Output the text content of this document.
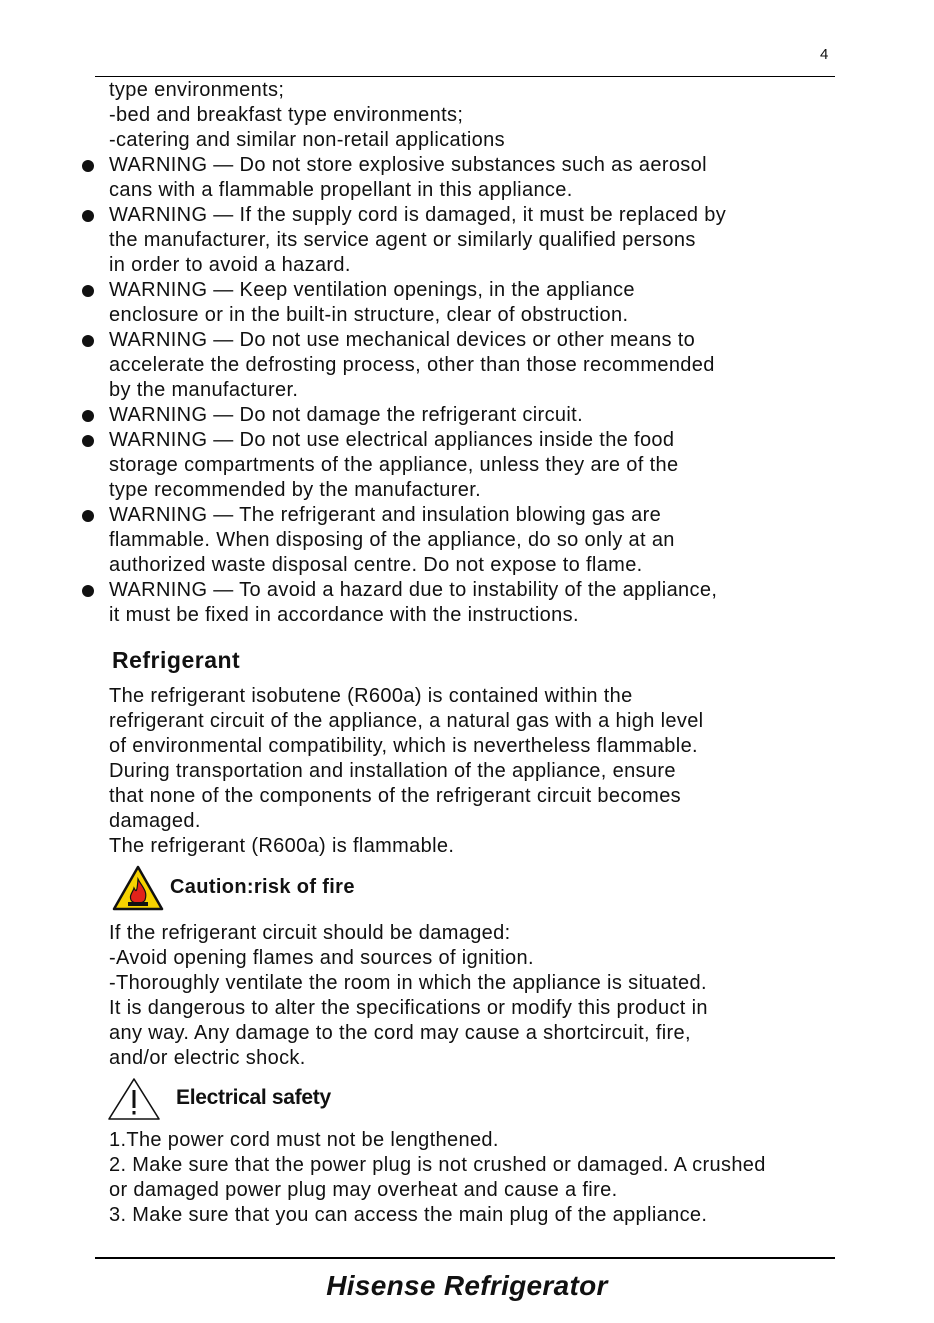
4
type environments;
-bed and breakfast type environments;
-catering and similar non-retail applications
WARNING — Do not store explosive substances such as aerosol
cans with a flammable propellant in this appliance.
WARNING — If the supply cord is damaged, it must be replaced by
the manufacturer, its service agent or similarly qualified persons
in order to avoid a hazard.
WARNING — Keep ventilation openings, in the appliance
enclosure or in the built-in structure, clear of obstruction.
WARNING — Do not use mechanical devices or other means to
accelerate the defrosting process, other than those recommended
by the manufacturer.
WARNING — Do not damage the refrigerant circuit.
WARNING — Do not use electrical appliances inside the food
storage compartments of the appliance, unless they are of the
type recommended by the manufacturer.
WARNING — The refrigerant and insulation blowing gas are
flammable. When disposing of the appliance, do so only at an
authorized waste disposal centre. Do not expose to flame.
WARNING — To avoid a hazard due to instability of the appliance,
it must be fixed in accordance with the instructions.
Refrigerant
The refrigerant isobutene (R600a) is contained within the
refrigerant circuit of the appliance, a natural gas with a high level
of environmental compatibility, which is nevertheless flammable.
During transportation and installation of the appliance, ensure
that none of the components of the refrigerant circuit becomes
damaged.
The refrigerant (R600a) is flammable.
Caution:risk of fire
If the refrigerant circuit should be damaged:
-Avoid opening flames and sources of ignition.
-Thoroughly ventilate the room in which the appliance is situated.
It is dangerous to alter the specifications or modify this product in
any way. Any damage to the cord may cause a shortcircuit, fire,
and/or electric shock.
Electrical safety
1.The power cord must not be lengthened.
2. Make sure that the power plug is not crushed or damaged. A crushed
or damaged power plug may overheat and cause a fire.
3. Make sure that you can access the main plug of the appliance.
Hisense Refrigerator
